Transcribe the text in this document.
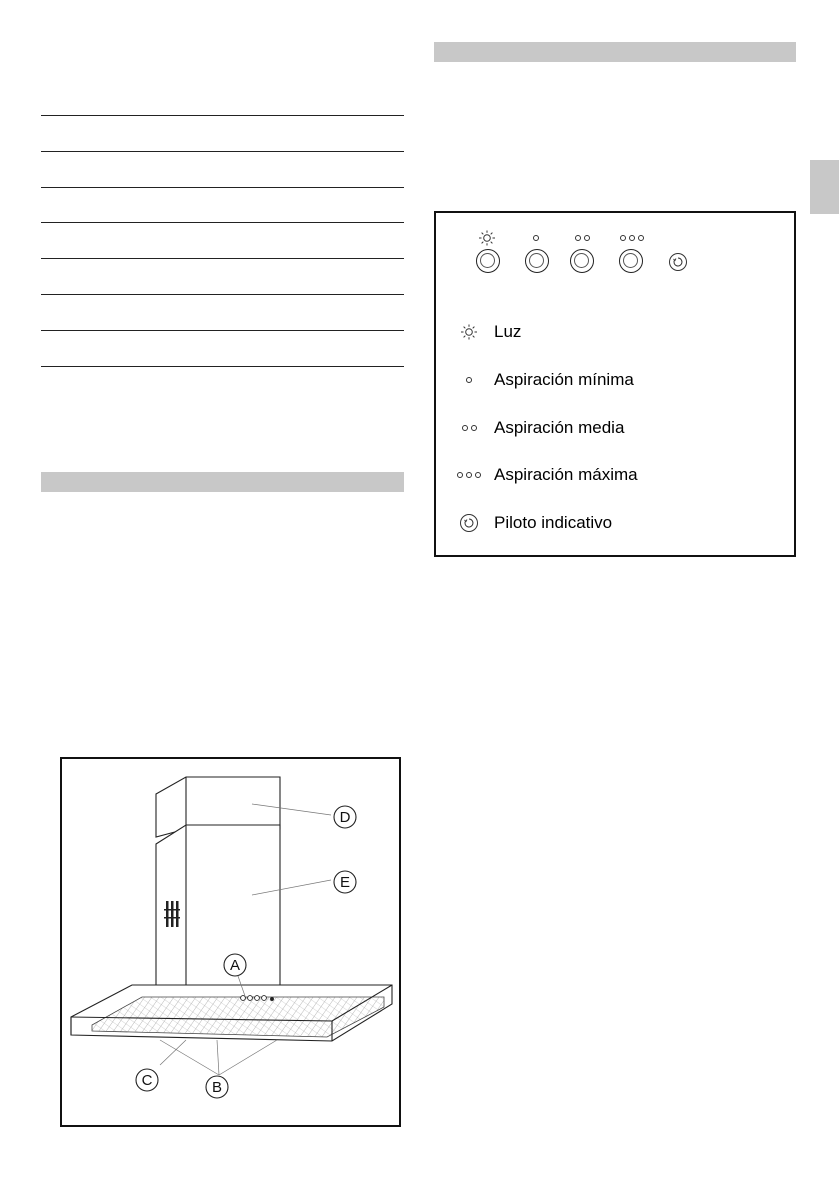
Luz
Aspiración mínima
Aspiración media
Aspiración máxima
Piloto indicativo
D
E
A
C	B
